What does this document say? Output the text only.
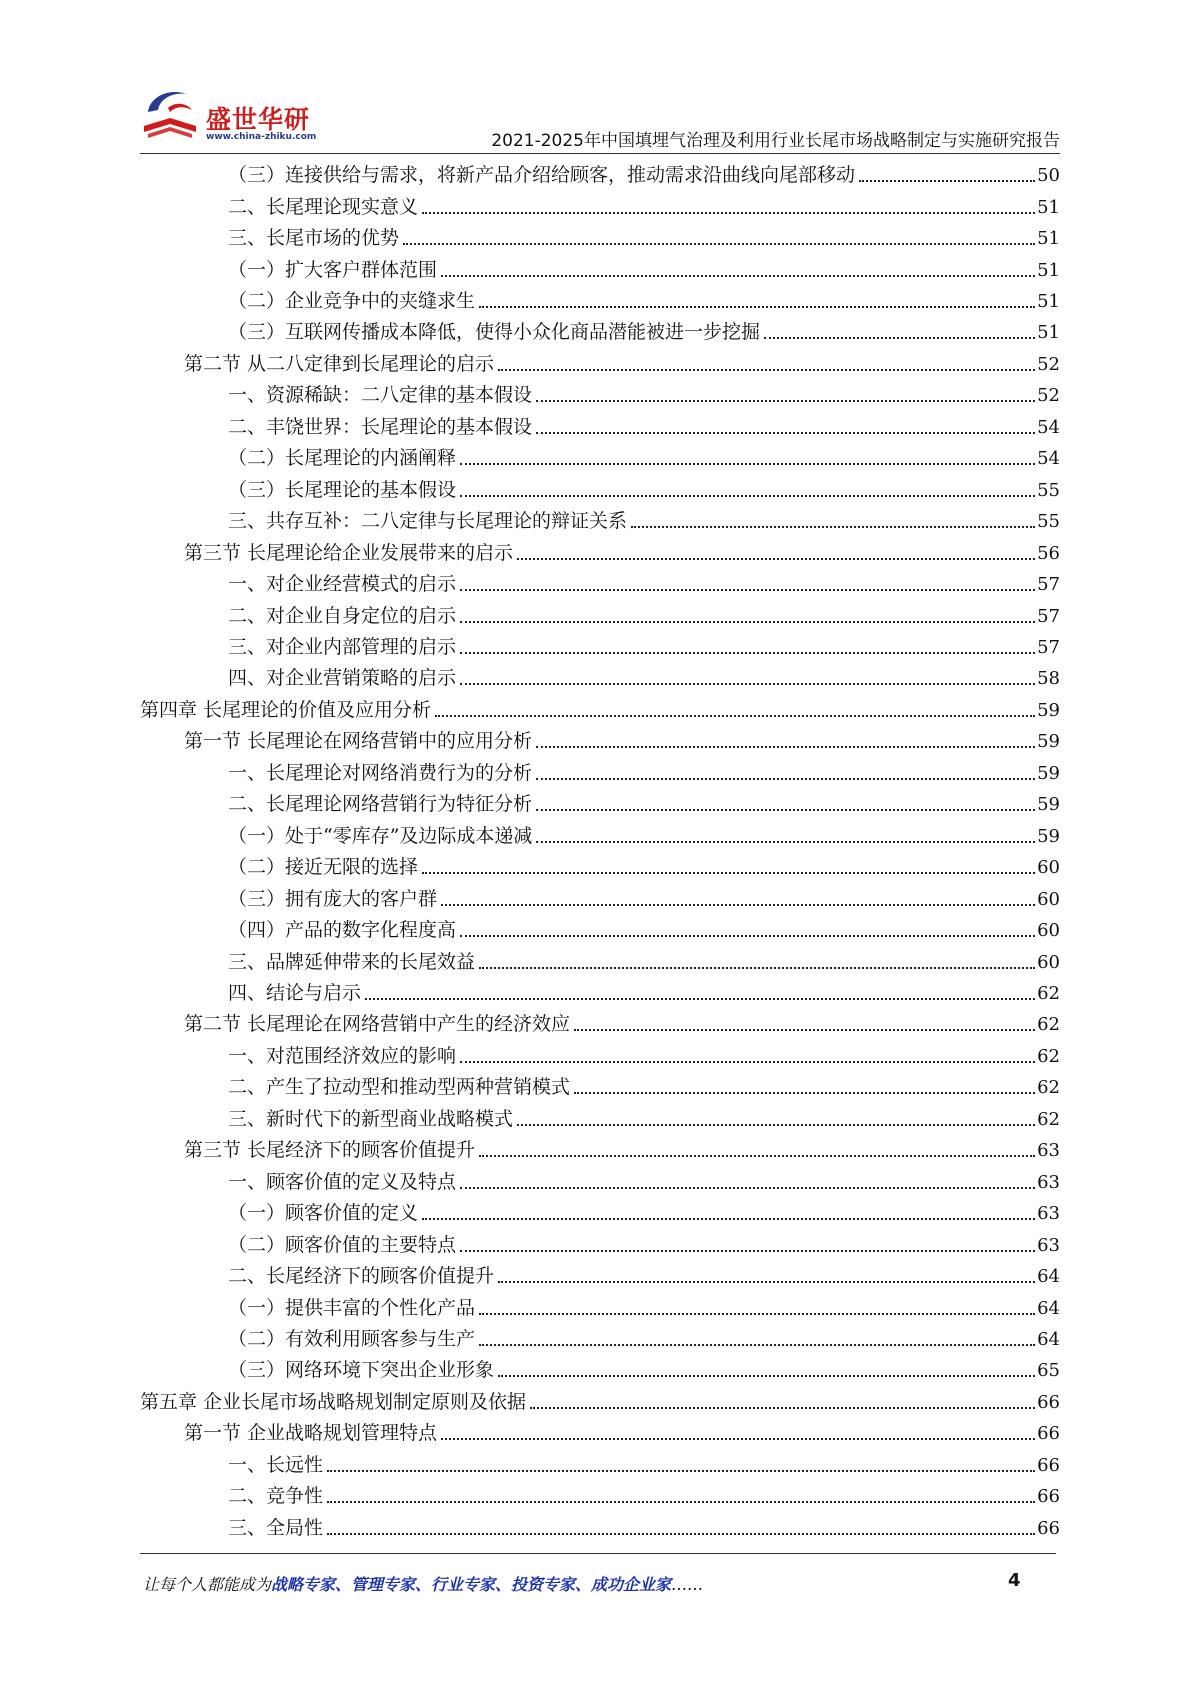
盛世华研
www.china-zhiku.com	2021-2025年中国填埋气治理及利用行业长尾市场战略制定与实施研究报告
（三）连接供给与需求，将新产品介绍给顾客，推动需求沿曲线向尾部移动	50
二、长尾理论现实意义	51
三、长尾市场的优势	51
（一）扩大客户群体范围	51
（二）企业竞争中的夹缝求生	51
（三）互联网传播成本降低，使得小众化商品潜能被进一步挖掘	51
第二节 从二八定律到长尾理论的启示	52
一、资源稀缺：二八定律的基本假设	52
二、丰饶世界：长尾理论的基本假设	54
（二）长尾理论的内涵阐释	54
（三）长尾理论的基本假设	55
三、共存互补：二八定律与长尾理论的辩证关系	55
第三节 长尾理论给企业发展带来的启示	56
一、对企业经营模式的启示	57
二、对企业自身定位的启示	57
三、对企业内部管理的启示	57
四、对企业营销策略的启示	58
第四章 长尾理论的价值及应用分析	59
第一节 长尾理论在网络营销中的应用分析	59
一、长尾理论对网络消费行为的分析	59
二、长尾理论网络营销行为特征分析	59
（一）处于“零库存”及边际成本递减	59
（二）接近无限的选择	60
（三）拥有庞大的客户群	60
（四）产品的数字化程度高	60
三、品牌延伸带来的长尾效益	60
四、结论与启示	62
第二节 长尾理论在网络营销中产生的经济效应	62
一、对范围经济效应的影响	62
二、产生了拉动型和推动型两种营销模式	62
三、新时代下的新型商业战略模式	62
第三节 长尾经济下的顾客价值提升	63
一、顾客价值的定义及特点	63
（一）顾客价值的定义	63
（二）顾客价值的主要特点	63
二、长尾经济下的顾客价值提升	64
（一）提供丰富的个性化产品	64
（二）有效利用顾客参与生产	64
（三）网络环境下突出企业形象	65
第五章 企业长尾市场战略规划制定原则及依据	66
第一节 企业战略规划管理特点	66
一、长远性	66
二、竞争性	66
三、全局性	66
让每个人都能成为战略专家、管理专家、行业专家、投资专家、成功企业家……	4
